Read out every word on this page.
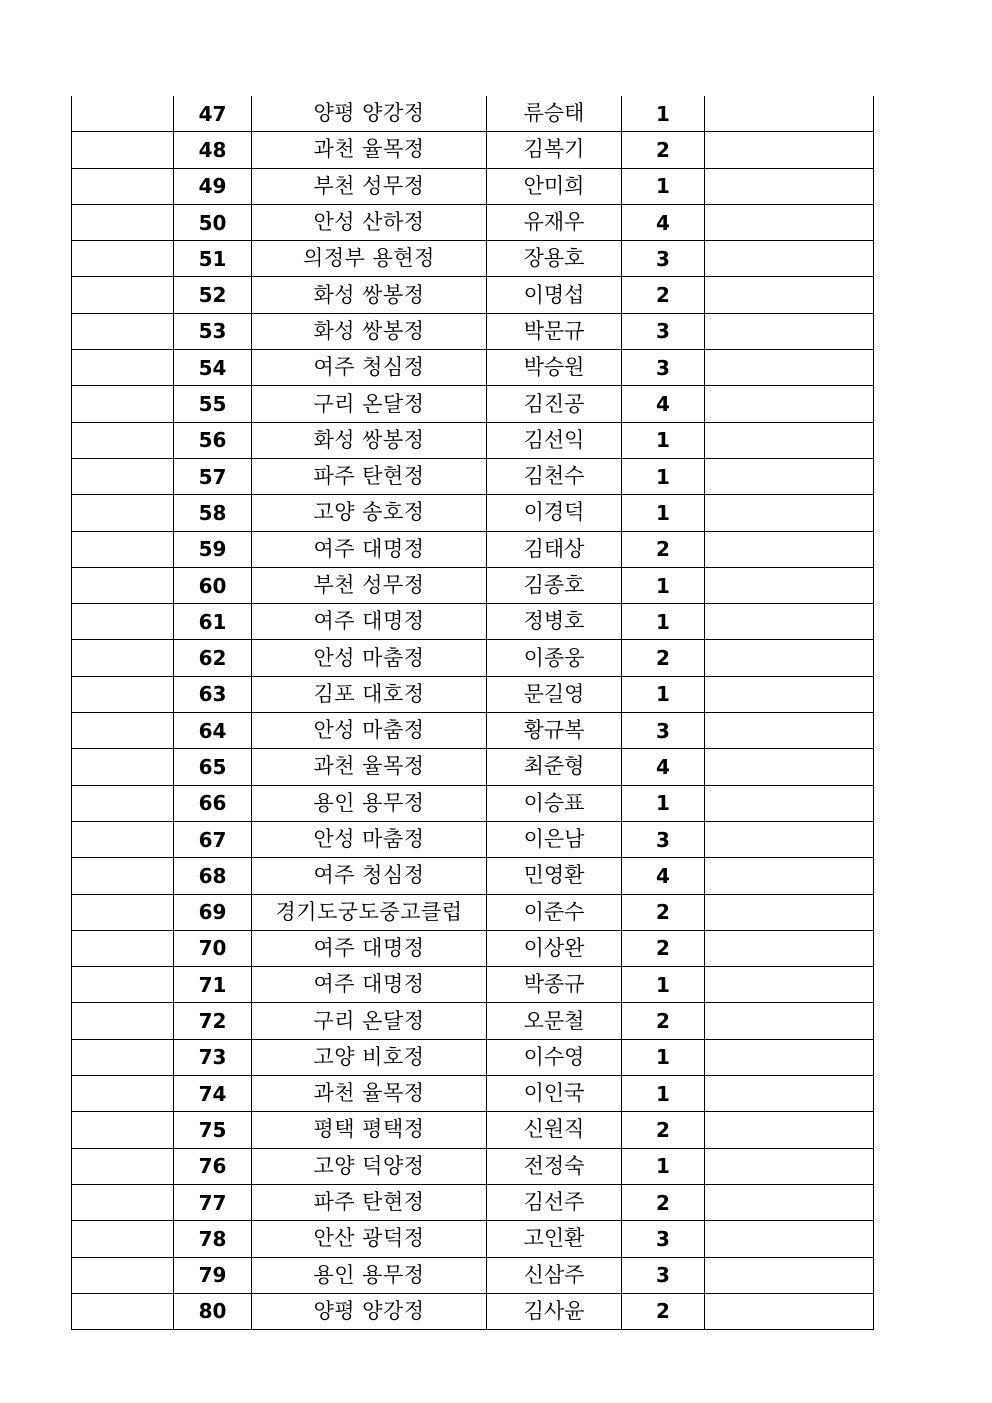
	47	양평 양강정	류승태	1	
	48	과천 율목정	김복기	2	
	49	부천 성무정	안미희	1	
	50	안성 산하정	유재우	4	
	51	의정부 용현정	장용호	3	
	52	화성 쌍봉정	이명섭	2	
	53	화성 쌍봉정	박문규	3	
	54	여주 청심정	박승원	3	
	55	구리 온달정	김진공	4	
	56	화성 쌍봉정	김선익	1	
	57	파주 탄현정	김천수	1	
	58	고양 송호정	이경덕	1	
	59	여주 대명정	김태상	2	
	60	부천 성무정	김종호	1	
	61	여주 대명정	정병호	1	
	62	안성 마춤정	이종웅	2	
	63	김포 대호정	문길영	1	
	64	안성 마춤정	황규복	3	
	65	과천 율목정	최준형	4	
	66	용인 용무정	이승표	1	
	67	안성 마춤정	이은남	3	
	68	여주 청심정	민영환	4	
	69	경기도궁도중고클럽	이준수	2	
	70	여주 대명정	이상완	2	
	71	여주 대명정	박종규	1	
	72	구리 온달정	오문철	2	
	73	고양 비호정	이수영	1	
	74	과천 율목정	이인국	1	
	75	평택 평택정	신원직	2	
	76	고양 덕양정	전정숙	1	
	77	파주 탄현정	김선주	2	
	78	안산 광덕정	고인환	3	
	79	용인 용무정	신삼주	3	
	80	양평 양강정	김사윤	2	
